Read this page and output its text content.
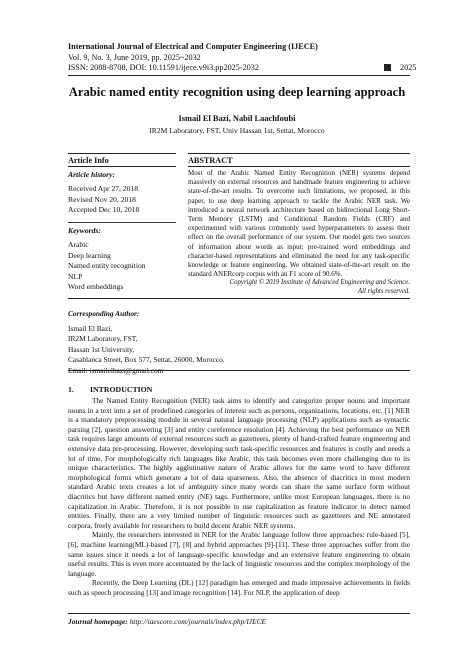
International Journal of Electrical and Computer Engineering (IJECE)
Vol. 9, No. 3, June 2019, pp. 2025~2032
ISSN: 2088-8708, DOI: 10.11591/ijece.v9i3.pp2025-2032	2025
Arabic named entity recognition using deep learning approach
Ismail El Bazi, Nabil Laachfoubi
IR2M Laboratory, FST, Univ Hassan 1st, Settat, Morocco
Article Info	ABSTRACT
Article history:
Received Apr 27, 2018
Revised Nov 20, 2018
Accepted Dec 10, 2018
Keywords:
Arabic
Deep learning
Named entity recognition
NLP
Word embeddings
Most of the Arabic Named Entity Recognition (NER) systems depend massively on external resources and handmade feature engineering to achieve state-of-the-art results. To overcome such limitations, we proposed, in this paper, to use deep learning approach to tackle the Arabic NER task. We introduced a neural network architecture based on bidirectional Long Short-Term Memory (LSTM) and Conditional Random Fields (CRF) and experimented with various commonly used hyperparameters to assess their effect on the overall performance of our system. Our model gets two sources of information about words as input: pre-trained word embeddings and character-based representations and eliminated the need for any task-specific knowledge or feature engineering. We obtained state-of-the-art result on the standard ANERcorp corpus with an F1 score of 90.6%.
Copyright © 2019 Institute of Advanced Engineering and Science.
All rights reserved.
Corresponding Author:
Ismail El Bazi,
IR2M Laboratory, FST,
Hassan 1st University,
Casablanca Street, Box 577, Settat, 26000, Morocco.
Email: ismailelbazi@gmail.com
1. INTRODUCTION

The Named Entity Recognition (NER) task aims to identify and categorize proper nouns and important nouns in a text into a set of predefined categories of interest such as persons, organizations, locations, etc. [1] NER is a mandatory preprocessing module in several natural language processing (NLP) applications such as syntactic parsing [2], question answering [3] and entity coreference resolution [4]. Achieving the best performance on NER task requires large amounts of external resources such as gazetteers, plenty of hand-crafted feature engineering and extensive data pre-processing. However, developing such task-specific resources and features is costly and needs a lot of time. For morphologically rich languages like Arabic, this task becomes even more challenging due to its unique characteristics. The highly agglutinative nature of Arabic allows for the same word to have different morphological forms which generate a lot of data sparseness. Also, the absence of diacritics in most modern standard Arabic texts creates a lot of ambiguity since many words can share the same surface form without diacritics but have different named entity (NE) tags. Furthermore, unlike most European languages, there is no capitalization in Arabic. Therefore, it is not possible to use capitalization as feature indicator to detect named entities. Finally, there are a very limited number of linguistic resources such as gazetteers and NE annotated corpora, freely available for researchers to build decent Arabic NER systems.

Mainly, the researchers interested in NER for the Arabic language follow three approaches: rule-based [5],[6], machine learning(ML)-based [7], [8] and hybrid approaches [9]-[11]. These three approaches suffer from the same issues since it needs a lot of language-specific knowledge and an extensive feature engineering to obtain useful results. This is even more accentuated by the lack of linguistic resources and the complex morphology of the language.

Recently, the Deep Learning (DL) [12] paradigm has emerged and made impressive achievements in fields such as speech processing [13] and image recognition [14]. For NLP, the application of deep

Journal homepage: http://iaescore.com/journals/index.php/IJECE
